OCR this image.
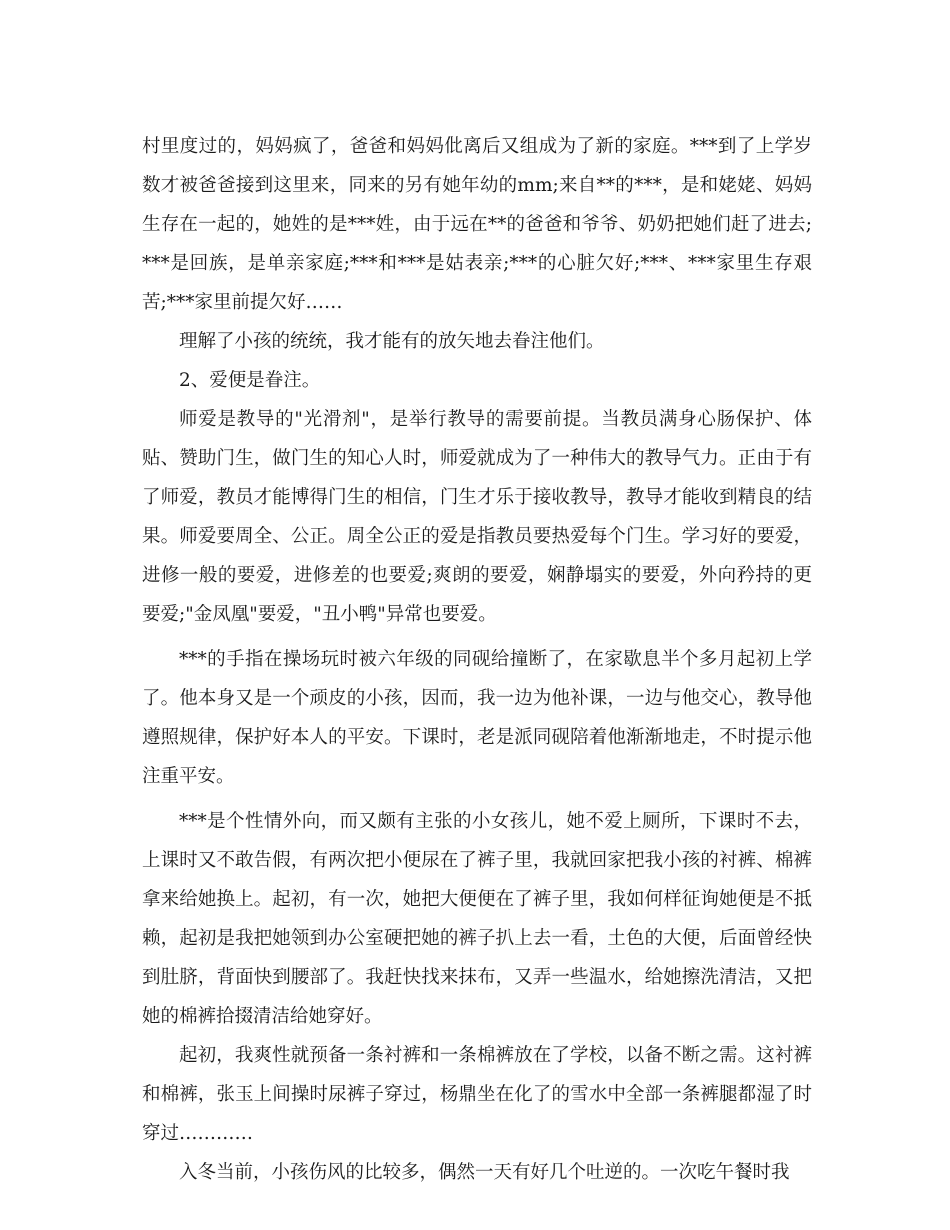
村里度过的，妈妈疯了，爸爸和妈妈仳离后又组成为了新的家庭。***到了上学岁数才被爸爸接到这里来，同来的另有她年幼的mm;来自**的***，是和姥姥、妈妈生存在一起的，她姓的是***姓，由于远在**的爸爸和爷爷、奶奶把她们赶了进去;***是回族，是单亲家庭;***和***是姑表亲;***的心脏欠好;***、***家里生存艰苦;***家里前提欠好……

理解了小孩的统统，我才能有的放矢地去眷注他们。

2、爱便是眷注。

师爱是教导的"光滑剂"，是举行教导的需要前提。当教员满身心肠保护、体贴、赞助门生，做门生的知心人时，师爱就成为了一种伟大的教导气力。正由于有了师爱，教员才能博得门生的相信，门生才乐于接收教导，教导才能收到精良的结果。师爱要周全、公正。周全公正的爱是指教员要热爱每个门生。学习好的要爱，进修一般的要爱，进修差的也要爱;爽朗的要爱，娴静塌实的要爱，外向矜持的更要爱;"金凤凰"要爱，"丑小鸭"异常也要爱。

***的手指在操场玩时被六年级的同砚给撞断了，在家歇息半个多月起初上学了。他本身又是一个顽皮的小孩，因而，我一边为他补课，一边与他交心，教导他遵照规律，保护好本人的平安。下课时，老是派同砚陪着他渐渐地走，不时提示他注重平安。

***是个性情外向，而又颇有主张的小女孩儿，她不爱上厕所，下课时不去，上课时又不敢告假，有两次把小便尿在了裤子里，我就回家把我小孩的衬裤、棉裤拿来给她换上。起初，有一次，她把大便便在了裤子里，我如何样征询她便是不抵赖，起初是我把她领到办公室硬把她的裤子扒上去一看，土色的大便，后面曾经快到肚脐，背面快到腰部了。我赶快找来抹布，又弄一些温水，给她擦洗清洁，又把她的棉裤拾掇清洁给她穿好。

起初，我爽性就预备一条衬裤和一条棉裤放在了学校，以备不断之需。这衬裤和棉裤，张玉上间操时尿裤子穿过，杨鼎坐在化了的雪水中全部一条裤腿都湿了时穿过…………

入冬当前，小孩伤风的比较多，偶然一天有好几个吐逆的。一次吃午餐时我
